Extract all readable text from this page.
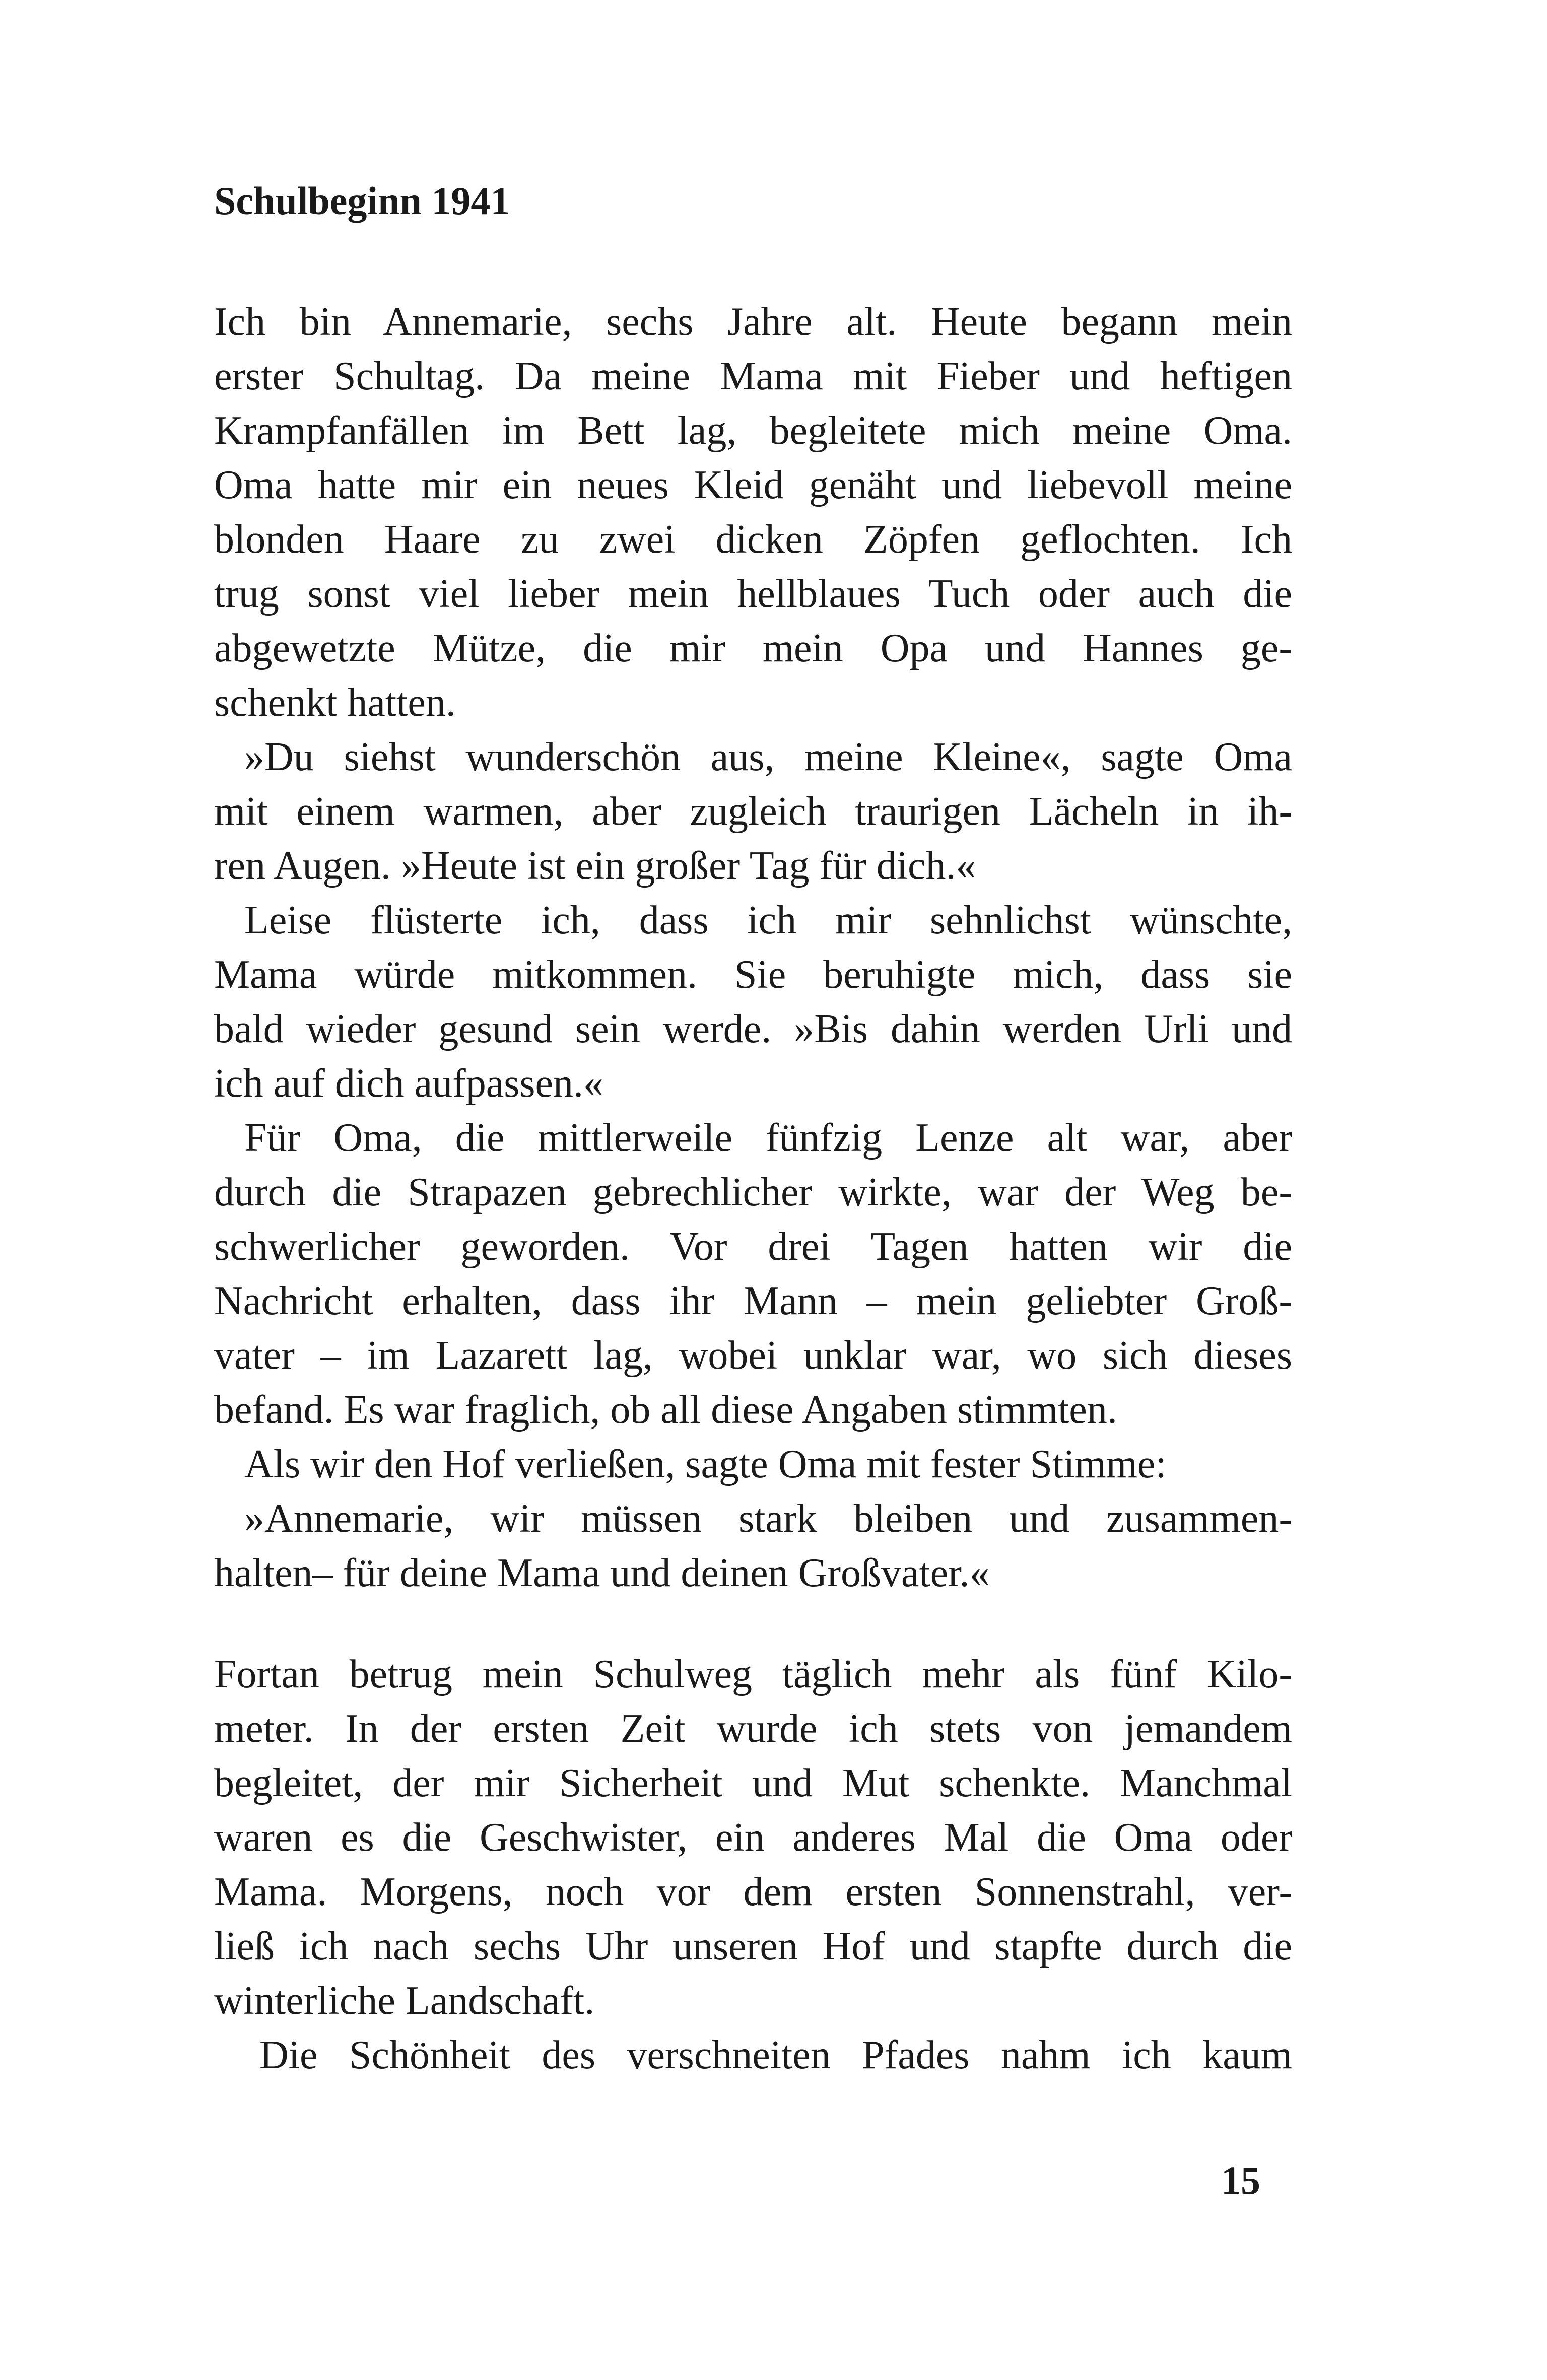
Schulbeginn 1941

Ich bin Annemarie, sechs Jahre alt. Heute begann mein
erster Schultag. Da meine Mama mit Fieber und heftigen
Krampfanfällen im Bett lag, begleitete mich meine Oma.
Oma hatte mir ein neues Kleid genäht und liebevoll meine
blonden Haare zu zwei dicken Zöpfen geflochten. Ich
trug sonst viel lieber mein hellblaues Tuch oder auch die
abgewetzte Mütze, die mir mein Opa und Hannes ge-
schenkt hatten.

»Du siehst wunderschön aus, meine Kleine«, sagte Oma
mit einem warmen, aber zugleich traurigen Lächeln in ih-
ren Augen. »Heute ist ein großer Tag für dich.«

Leise flüsterte ich, dass ich mir sehnlichst wünschte,
Mama würde mitkommen. Sie beruhigte mich, dass sie
bald wieder gesund sein werde. »Bis dahin werden Urli und
ich auf dich aufpassen.«

Für Oma, die mittlerweile fünfzig Lenze alt war, aber
durch die Strapazen gebrechlicher wirkte, war der Weg be-
schwerlicher geworden. Vor drei Tagen hatten wir die
Nachricht erhalten, dass ihr Mann – mein geliebter Groß-
vater – im Lazarett lag, wobei unklar war, wo sich dieses
befand. Es war fraglich, ob all diese Angaben stimmten.

Als wir den Hof verließen, sagte Oma mit fester Stimme:

»Annemarie, wir müssen stark bleiben und zusammen-
halten– für deine Mama und deinen Großvater.«

Fortan betrug mein Schulweg täglich mehr als fünf Kilo-
meter. In der ersten Zeit wurde ich stets von jemandem
begleitet, der mir Sicherheit und Mut schenkte. Manchmal
waren es die Geschwister, ein anderes Mal die Oma oder
Mama. Morgens, noch vor dem ersten Sonnenstrahl, ver-
ließ ich nach sechs Uhr unseren Hof und stapfte durch die
winterliche Landschaft.

Die Schönheit des verschneiten Pfades nahm ich kaum

15
